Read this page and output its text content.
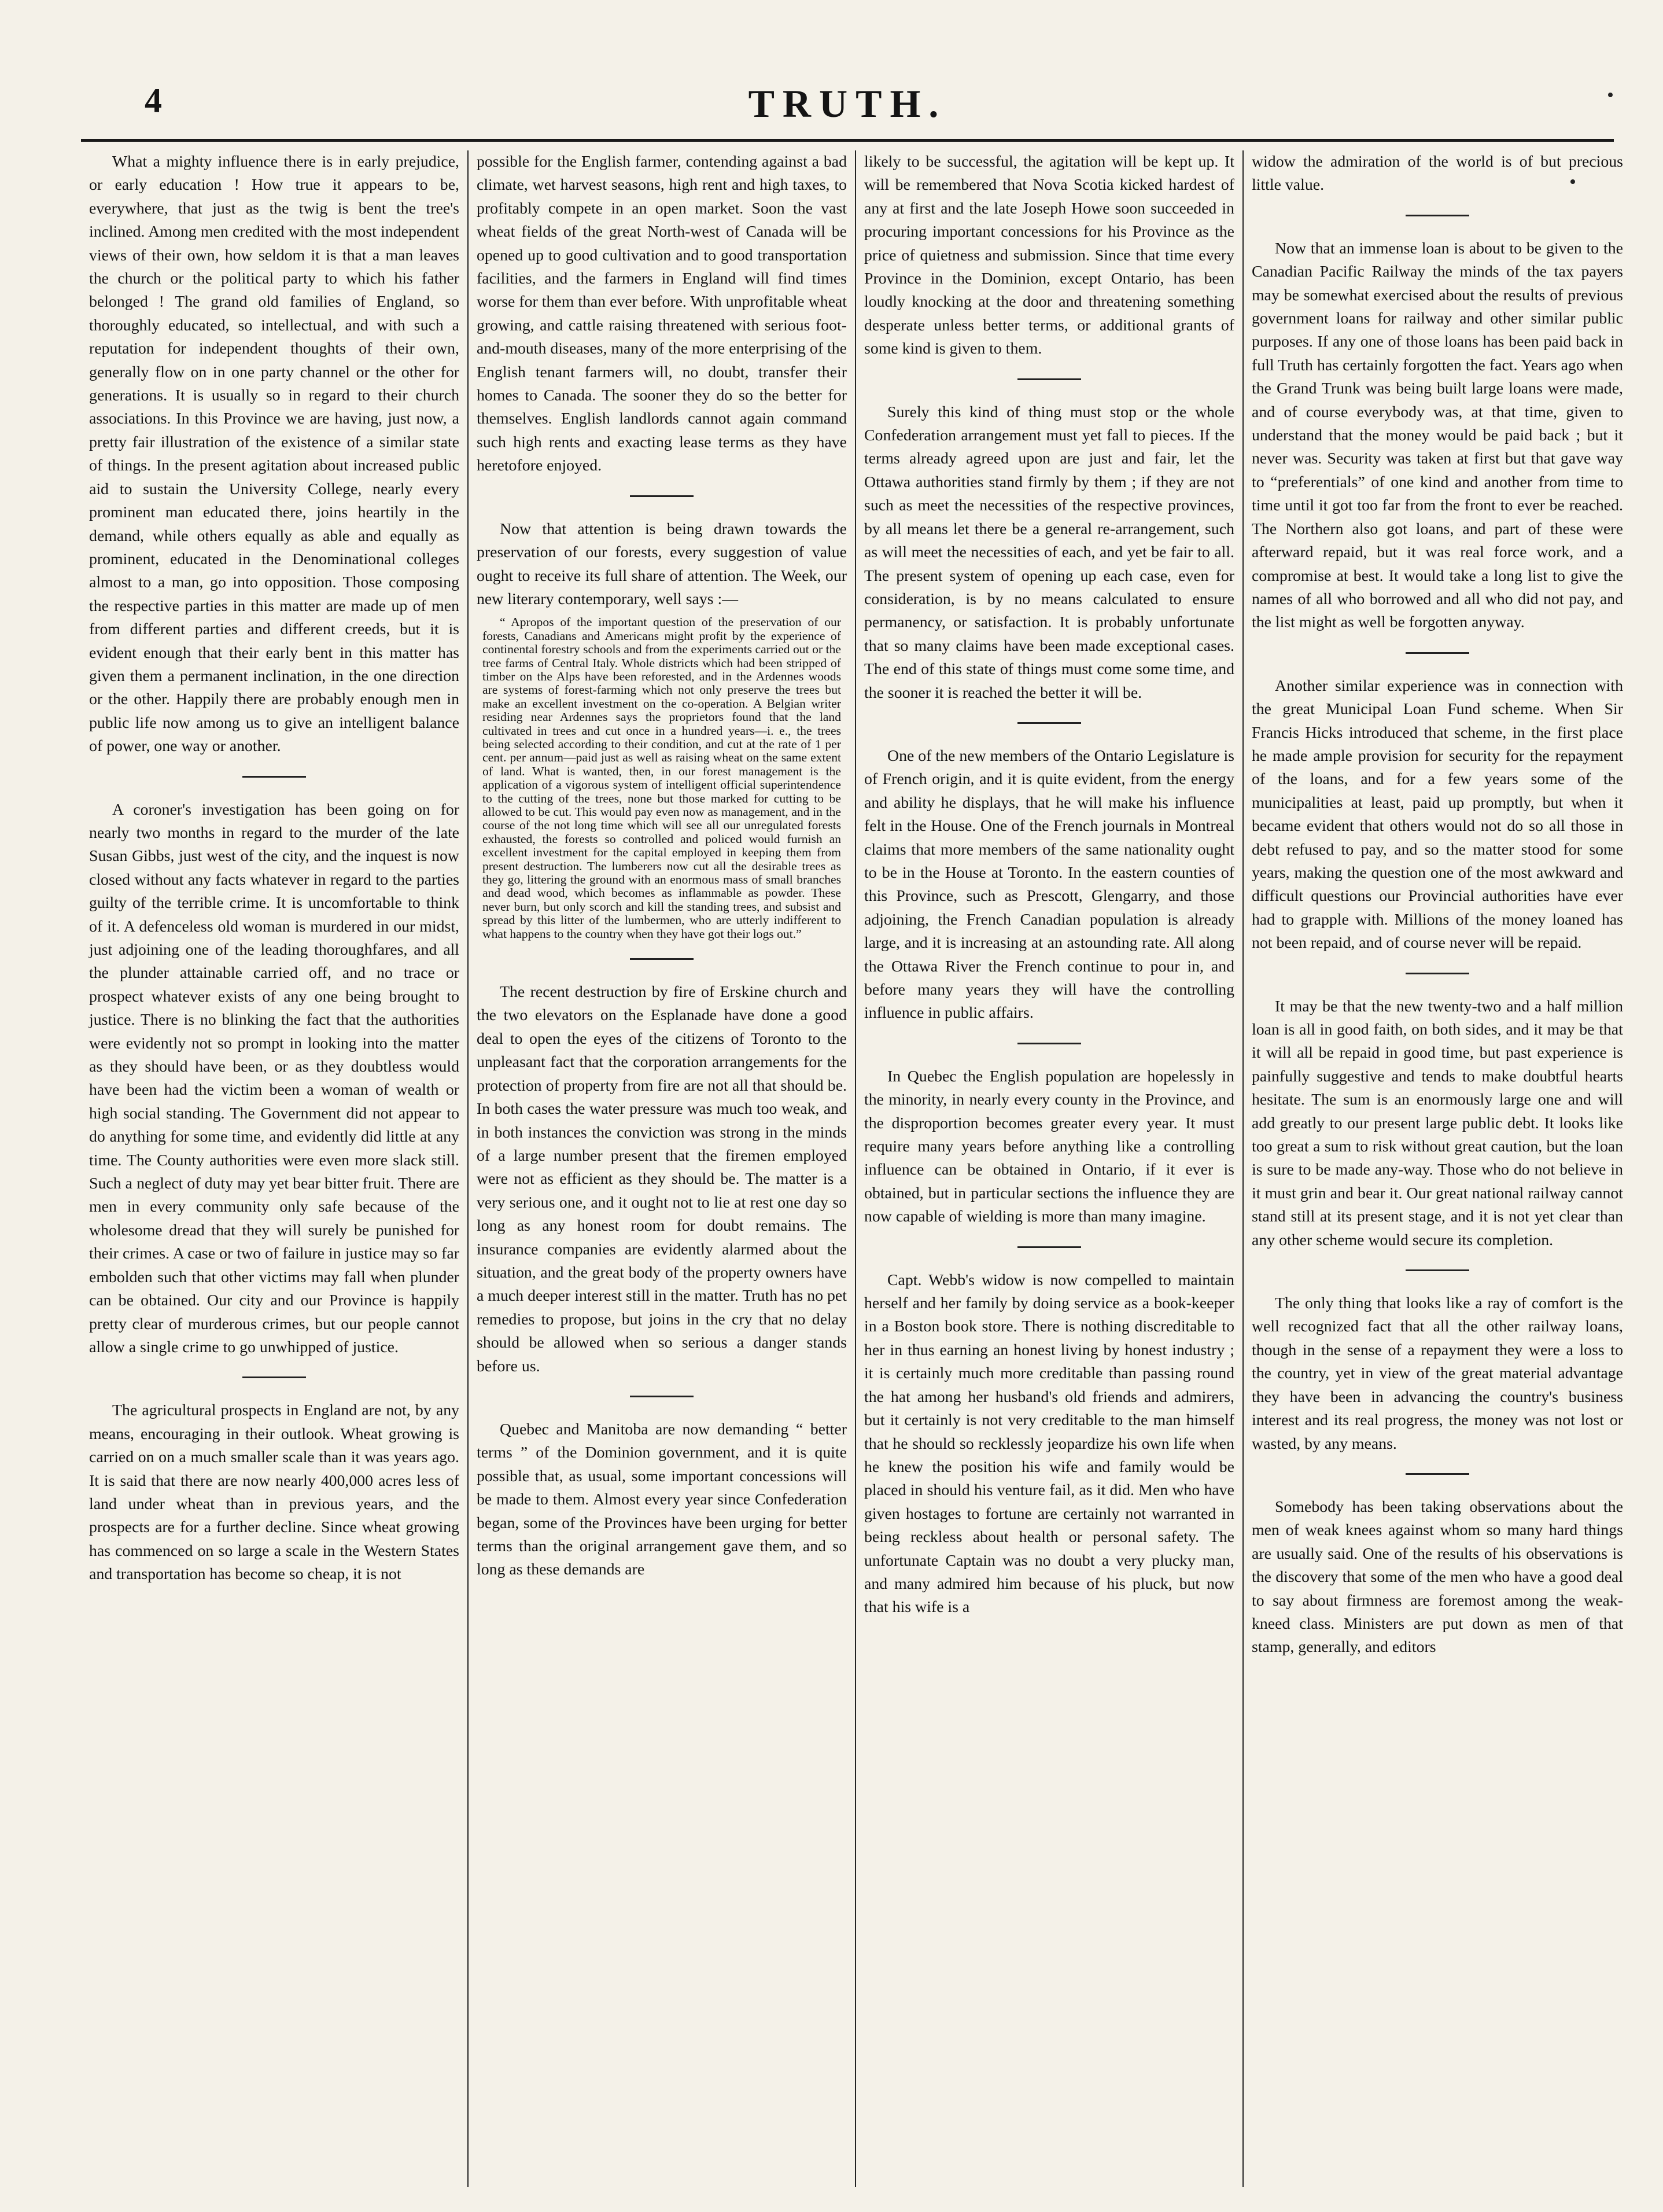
4	TRUTH.

What a mighty influence there is in early prejudice, or early education ! How true it appears to be, everywhere, that just as the twig is bent the tree's inclined. Among men credited with the most independent views of their own, how seldom it is that a man leaves the church or the political party to which his father belonged ! The grand old families of England, so thoroughly educated, so intellectual, and with such a reputation for independent thoughts of their own, generally flow on in one party channel or the other for generations. It is usually so in regard to their church associations. In this Province we are having, just now, a pretty fair illustration of the existence of a similar state of things. In the present agitation about increased public aid to sustain the University College, nearly every prominent man educated there, joins heartily in the demand, while others equally as able and equally as prominent, educated in the Denominational colleges almost to a man, go into opposition. Those composing the respective parties in this matter are made up of men from different parties and different creeds, but it is evident enough that their early bent in this matter has given them a permanent inclination, in the one direction or the other. Happily there are probably enough men in public life now among us to give an intelligent balance of power, one way or another.

A coroner's investigation has been going on for nearly two months in regard to the murder of the late Susan Gibbs, just west of the city, and the inquest is now closed without any facts whatever in regard to the parties guilty of the terrible crime. It is uncomfortable to think of it. A defenceless old woman is murdered in our midst, just adjoining one of the leading thoroughfares, and all the plunder attainable carried off, and no trace or prospect whatever exists of any one being brought to justice. There is no blinking the fact that the authorities were evidently not so prompt in looking into the matter as they should have been, or as they doubtless would have been had the victim been a woman of wealth or high social standing. The Government did not appear to do anything for some time, and evidently did little at any time. The County authorities were even more slack still. Such a neglect of duty may yet bear bitter fruit. There are men in every community only safe because of the wholesome dread that they will surely be punished for their crimes. A case or two of failure in justice may so far embolden such that other victims may fall when plunder can be obtained. Our city and our Province is happily pretty clear of murderous crimes, but our people cannot allow a single crime to go unwhipped of justice.

The agricultural prospects in England are not, by any means, encouraging in their outlook. Wheat growing is carried on on a much smaller scale than it was years ago. It is said that there are now nearly 400,000 acres less of land under wheat than in previous years, and the prospects are for a further decline. Since wheat growing has commenced on so large a scale in the Western States and transportation has become so cheap, it is not

possible for the English farmer, contending against a bad climate, wet harvest seasons, high rent and high taxes, to profitably compete in an open market. Soon the vast wheat fields of the great North-west of Canada will be opened up to good cultivation and to good transportation facilities, and the farmers in England will find times worse for them than ever before. With unprofitable wheat growing, and cattle raising threatened with serious foot-and-mouth diseases, many of the more enterprising of the English tenant farmers will, no doubt, transfer their homes to Canada. The sooner they do so the better for themselves. English landlords cannot again command such high rents and exacting lease terms as they have heretofore enjoyed.

Now that attention is being drawn towards the preservation of our forests, every suggestion of value ought to receive its full share of attention. The Week, our new literary contemporary, well says :—

“ Apropos of the important question of the preservation of our forests, Canadians and Americans might profit by the experience of continental forestry schools and from the experiments carried out or the tree farms of Central Italy. Whole districts which had been stripped of timber on the Alps have been reforested, and in the Ardennes woods are systems of forest-farming which not only preserve the trees but make an excellent investment on the co-operation. A Belgian writer residing near Ardennes says the proprietors found that the land cultivated in trees and cut once in a hundred years—i. e., the trees being selected according to their condition, and cut at the rate of 1 per cent. per annum—paid just as well as raising wheat on the same extent of land. What is wanted, then, in our forest management is the application of a vigorous system of intelligent official superintendence to the cutting of the trees, none but those marked for cutting to be allowed to be cut. This would pay even now as management, and in the course of the not long time which will see all our unregulated forests exhausted, the forests so controlled and policed would furnish an excellent investment for the capital employed in keeping them from present destruction. The lumberers now cut all the desirable trees as they go, littering the ground with an enormous mass of small branches and dead wood, which becomes as inflammable as powder. These never burn, but only scorch and kill the standing trees, and subsist and spread by this litter of the lumbermen, who are utterly indifferent to what happens to the country when they have got their logs out.”

The recent destruction by fire of Erskine church and the two elevators on the Esplanade have done a good deal to open the eyes of the citizens of Toronto to the unpleasant fact that the corporation arrangements for the protection of property from fire are not all that should be. In both cases the water pressure was much too weak, and in both instances the conviction was strong in the minds of a large number present that the firemen employed were not as efficient as they should be. The matter is a very serious one, and it ought not to lie at rest one day so long as any honest room for doubt remains. The insurance companies are evidently alarmed about the situation, and the great body of the property owners have a much deeper interest still in the matter. Truth has no pet remedies to propose, but joins in the cry that no delay should be allowed when so serious a danger stands before us.

Quebec and Manitoba are now demanding “ better terms ” of the Dominion government, and it is quite possible that, as usual, some important concessions will be made to them. Almost every year since Confederation began, some of the Provinces have been urging for better terms than the original arrangement gave them, and so long as these demands are

likely to be successful, the agitation will be kept up. It will be remembered that Nova Scotia kicked hardest of any at first and the late Joseph Howe soon succeeded in procuring important concessions for his Province as the price of quietness and submission. Since that time every Province in the Dominion, except Ontario, has been loudly knocking at the door and threatening something desperate unless better terms, or additional grants of some kind is given to them.

Surely this kind of thing must stop or the whole Confederation arrangement must yet fall to pieces. If the terms already agreed upon are just and fair, let the Ottawa authorities stand firmly by them ; if they are not such as meet the necessities of the respective provinces, by all means let there be a general re-arrangement, such as will meet the necessities of each, and yet be fair to all. The present system of opening up each case, even for consideration, is by no means calculated to ensure permanency, or satisfaction. It is probably unfortunate that so many claims have been made exceptional cases. The end of this state of things must come some time, and the sooner it is reached the better it will be.

One of the new members of the Ontario Legislature is of French origin, and it is quite evident, from the energy and ability he displays, that he will make his influence felt in the House. One of the French journals in Montreal claims that more members of the same nationality ought to be in the House at Toronto. In the eastern counties of this Province, such as Prescott, Glengarry, and those adjoining, the French Canadian population is already large, and it is increasing at an astounding rate. All along the Ottawa River the French continue to pour in, and before many years they will have the controlling influence in public affairs.

In Quebec the English population are hopelessly in the minority, in nearly every county in the Province, and the disproportion becomes greater every year. It must require many years before anything like a controlling influence can be obtained in Ontario, if it ever is obtained, but in particular sections the influence they are now capable of wielding is more than many imagine.

Capt. Webb's widow is now compelled to maintain herself and her family by doing service as a book-keeper in a Boston book store. There is nothing discreditable to her in thus earning an honest living by honest industry ; it is certainly much more creditable than passing round the hat among her husband's old friends and admirers, but it certainly is not very creditable to the man himself that he should so recklessly jeopardize his own life when he knew the position his wife and family would be placed in should his venture fail, as it did. Men who have given hostages to fortune are certainly not warranted in being reckless about health or personal safety. The unfortunate Captain was no doubt a very plucky man, and many admired him because of his pluck, but now that his wife is a

widow the admiration of the world is of but precious little value.

Now that an immense loan is about to be given to the Canadian Pacific Railway the minds of the tax payers may be somewhat exercised about the results of previous government loans for railway and other similar public purposes. If any one of those loans has been paid back in full Truth has certainly forgotten the fact. Years ago when the Grand Trunk was being built large loans were made, and of course everybody was, at that time, given to understand that the money would be paid back ; but it never was. Security was taken at first but that gave way to “preferentials” of one kind and another from time to time until it got too far from the front to ever be reached. The Northern also got loans, and part of these were afterward repaid, but it was real force work, and a compromise at best. It would take a long list to give the names of all who borrowed and all who did not pay, and the list might as well be forgotten anyway.

Another similar experience was in connection with the great Municipal Loan Fund scheme. When Sir Francis Hicks introduced that scheme, in the first place he made ample provision for security for the repayment of the loans, and for a few years some of the municipalities at least, paid up promptly, but when it became evident that others would not do so all those in debt refused to pay, and so the matter stood for some years, making the question one of the most awkward and difficult questions our Provincial authorities have ever had to grapple with. Millions of the money loaned has not been repaid, and of course never will be repaid.

It may be that the new twenty-two and a half million loan is all in good faith, on both sides, and it may be that it will all be repaid in good time, but past experience is painfully suggestive and tends to make doubtful hearts hesitate. The sum is an enormously large one and will add greatly to our present large public debt. It looks like too great a sum to risk without great caution, but the loan is sure to be made any-way. Those who do not believe in it must grin and bear it. Our great national railway cannot stand still at its present stage, and it is not yet clear than any other scheme would secure its completion.

The only thing that looks like a ray of comfort is the well recognized fact that all the other railway loans, though in the sense of a repayment they were a loss to the country, yet in view of the great material advantage they have been in advancing the country's business interest and its real progress, the money was not lost or wasted, by any means.

Somebody has been taking observations about the men of weak knees against whom so many hard things are usually said. One of the results of his observations is the discovery that some of the men who have a good deal to say about firmness are foremost among the weak-kneed class. Ministers are put down as men of that stamp, generally, and editors
